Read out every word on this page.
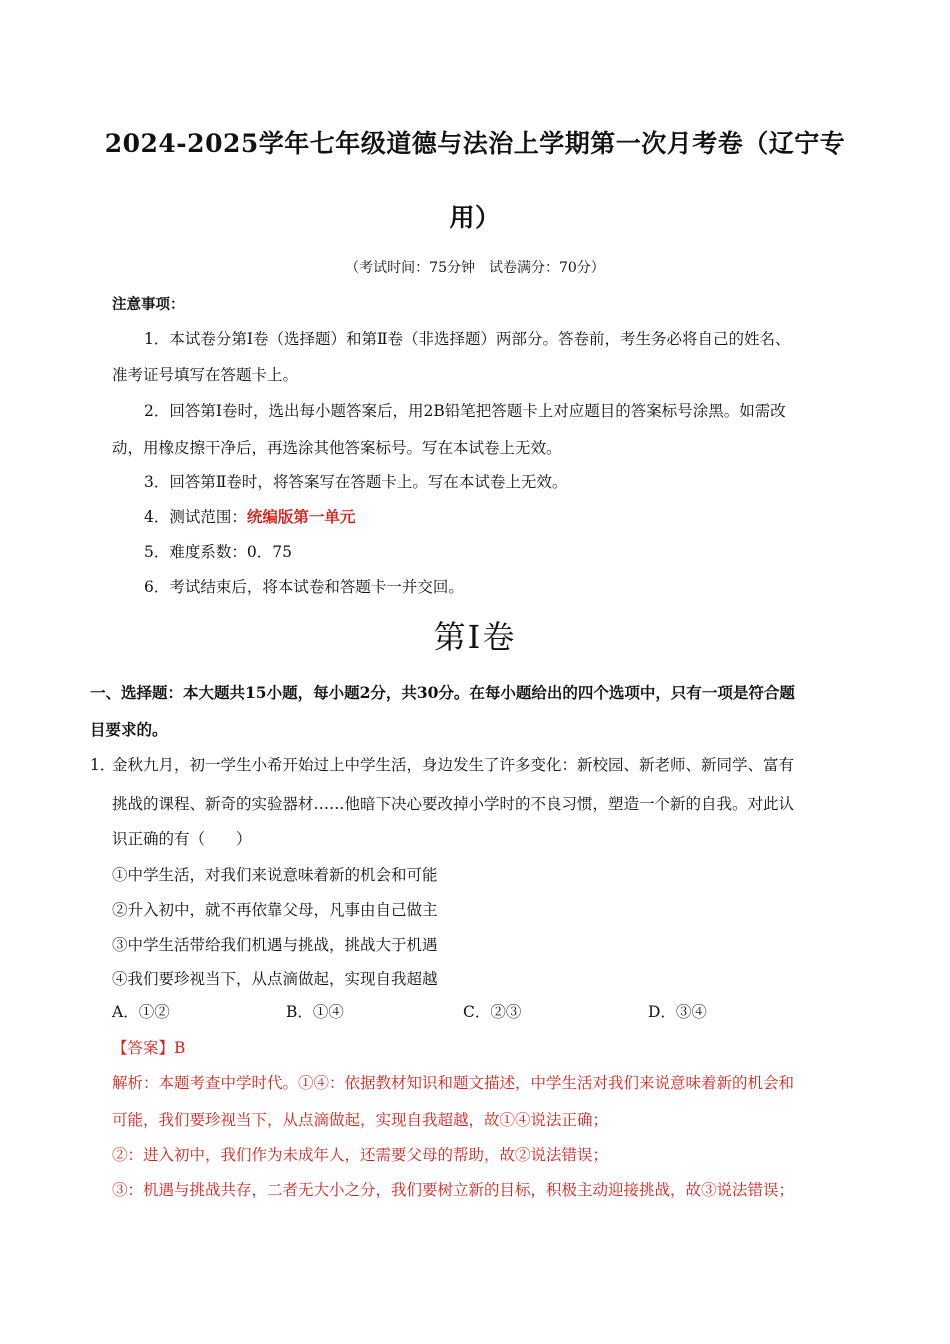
2024-2025学年七年级道德与法治上学期第一次月考卷（辽宁专
用）
（考试时间：75分钟　试卷满分：70分）
注意事项：
1．本试卷分第Ⅰ卷（选择题）和第Ⅱ卷（非选择题）两部分。答卷前，考生务必将自己的姓名、
准考证号填写在答题卡上。
2．回答第Ⅰ卷时，选出每小题答案后，用2B铅笔把答题卡上对应题目的答案标号涂黑。如需改
动，用橡皮擦干净后，再选涂其他答案标号。写在本试卷上无效。
3．回答第Ⅱ卷时，将答案写在答题卡上。写在本试卷上无效。
4．测试范围：统编版第一单元
5．难度系数：0．75
6．考试结束后，将本试卷和答题卡一并交回。
第Ⅰ卷
一、选择题：本大题共15小题，每小题2分，共30分。在每小题给出的四个选项中，只有一项是符合题
目要求的。
1．
金秋九月，初一学生小希开始过上中学生活，身边发生了许多变化：新校园、新老师、新同学、富有
挑战的课程、新奇的实验器材……他暗下决心要改掉小学时的不良习惯，塑造一个新的自我。对此认
识正确的有（　　）
①中学生活，对我们来说意味着新的机会和可能
②升入初中，就不再依靠父母，凡事由自己做主
③中学生活带给我们机遇与挑战，挑战大于机遇
④我们要珍视当下，从点滴做起，实现自我超越
A．①②	B．①④	C．②③	D．③④
【答案】B
解析：本题考查中学时代。①④：依据教材知识和题文描述，中学生活对我们来说意味着新的机会和
可能，我们要珍视当下，从点滴做起，实现自我超越，故①④说法正确；
②：进入初中，我们作为未成年人，还需要父母的帮助，故②说法错误；
③：机遇与挑战共存，二者无大小之分，我们要树立新的目标，积极主动迎接挑战，故③说法错误；
